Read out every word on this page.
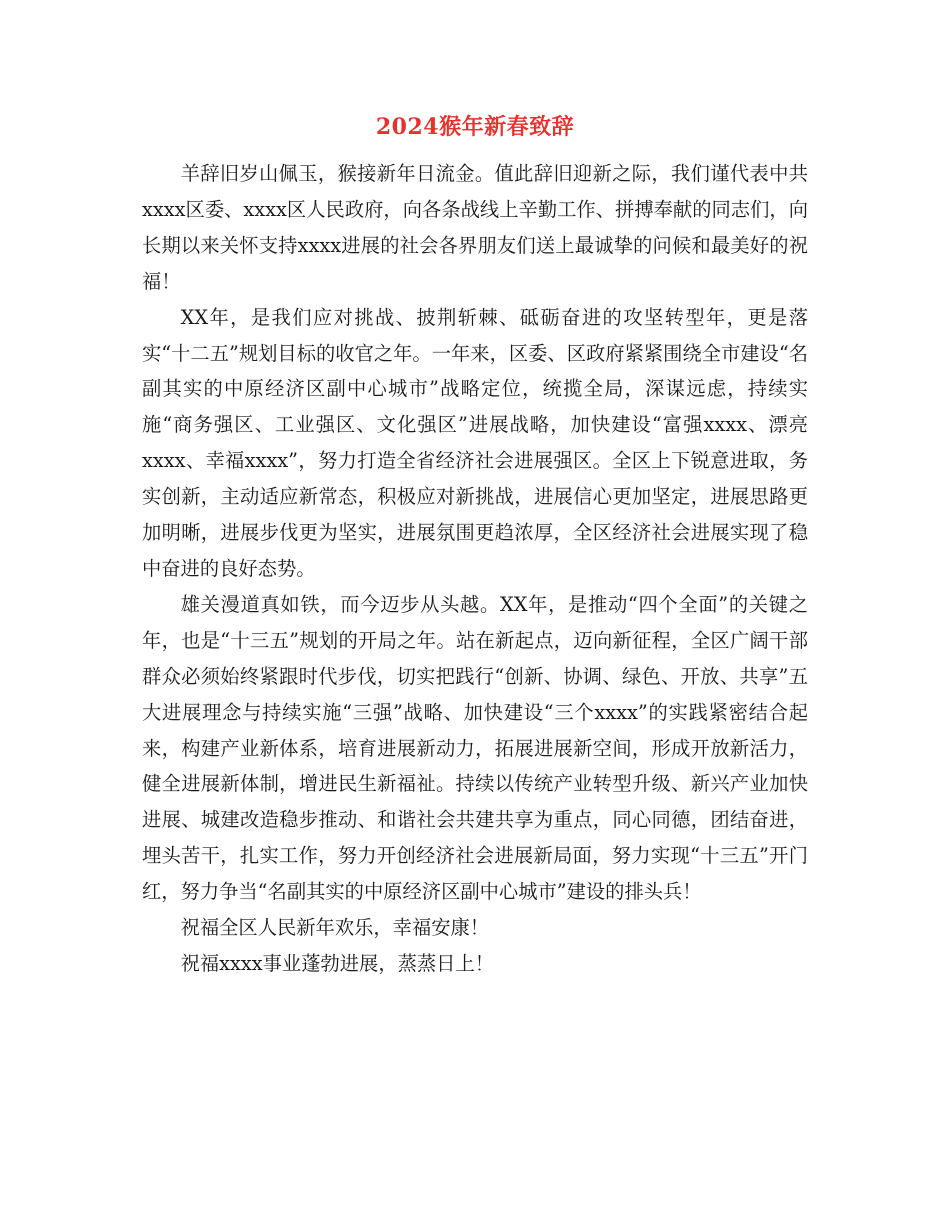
2024猴年新春致辞

羊辞旧岁山佩玉，猴接新年日流金。值此辞旧迎新之际，我们谨代表中共xxxx区委、xxxx区人民政府，向各条战线上辛勤工作、拼搏奉献的同志们，向长期以来关怀支持xxxx进展的社会各界朋友们送上最诚挚的问候和最美好的祝福！

XX年，是我们应对挑战、披荆斩棘、砥砺奋进的攻坚转型年，更是落实“十二五”规划目标的收官之年。一年来，区委、区政府紧紧围绕全市建设“名副其实的中原经济区副中心城市”战略定位，统揽全局，深谋远虑，持续实施“商务强区、工业强区、文化强区”进展战略，加快建设“富强xxxx、漂亮xxxx、幸福xxxx”，努力打造全省经济社会进展强区。全区上下锐意进取，务实创新，主动适应新常态，积极应对新挑战，进展信心更加坚定，进展思路更加明晰，进展步伐更为坚实，进展氛围更趋浓厚，全区经济社会进展实现了稳中奋进的良好态势。

雄关漫道真如铁，而今迈步从头越。XX年，是推动“四个全面”的关键之年，也是“十三五”规划的开局之年。站在新起点，迈向新征程，全区广阔干部群众必须始终紧跟时代步伐，切实把践行“创新、协调、绿色、开放、共享”五大进展理念与持续实施“三强”战略、加快建设“三个xxxx”的实践紧密结合起来，构建产业新体系，培育进展新动力，拓展进展新空间，形成开放新活力，健全进展新体制，增进民生新福祉。持续以传统产业转型升级、新兴产业加快进展、城建改造稳步推动、和谐社会共建共享为重点，同心同德，团结奋进，埋头苦干，扎实工作，努力开创经济社会进展新局面，努力实现“十三五”开门红，努力争当“名副其实的中原经济区副中心城市”建设的排头兵！

祝福全区人民新年欢乐，幸福安康！

祝福xxxx事业蓬勃进展，蒸蒸日上！
